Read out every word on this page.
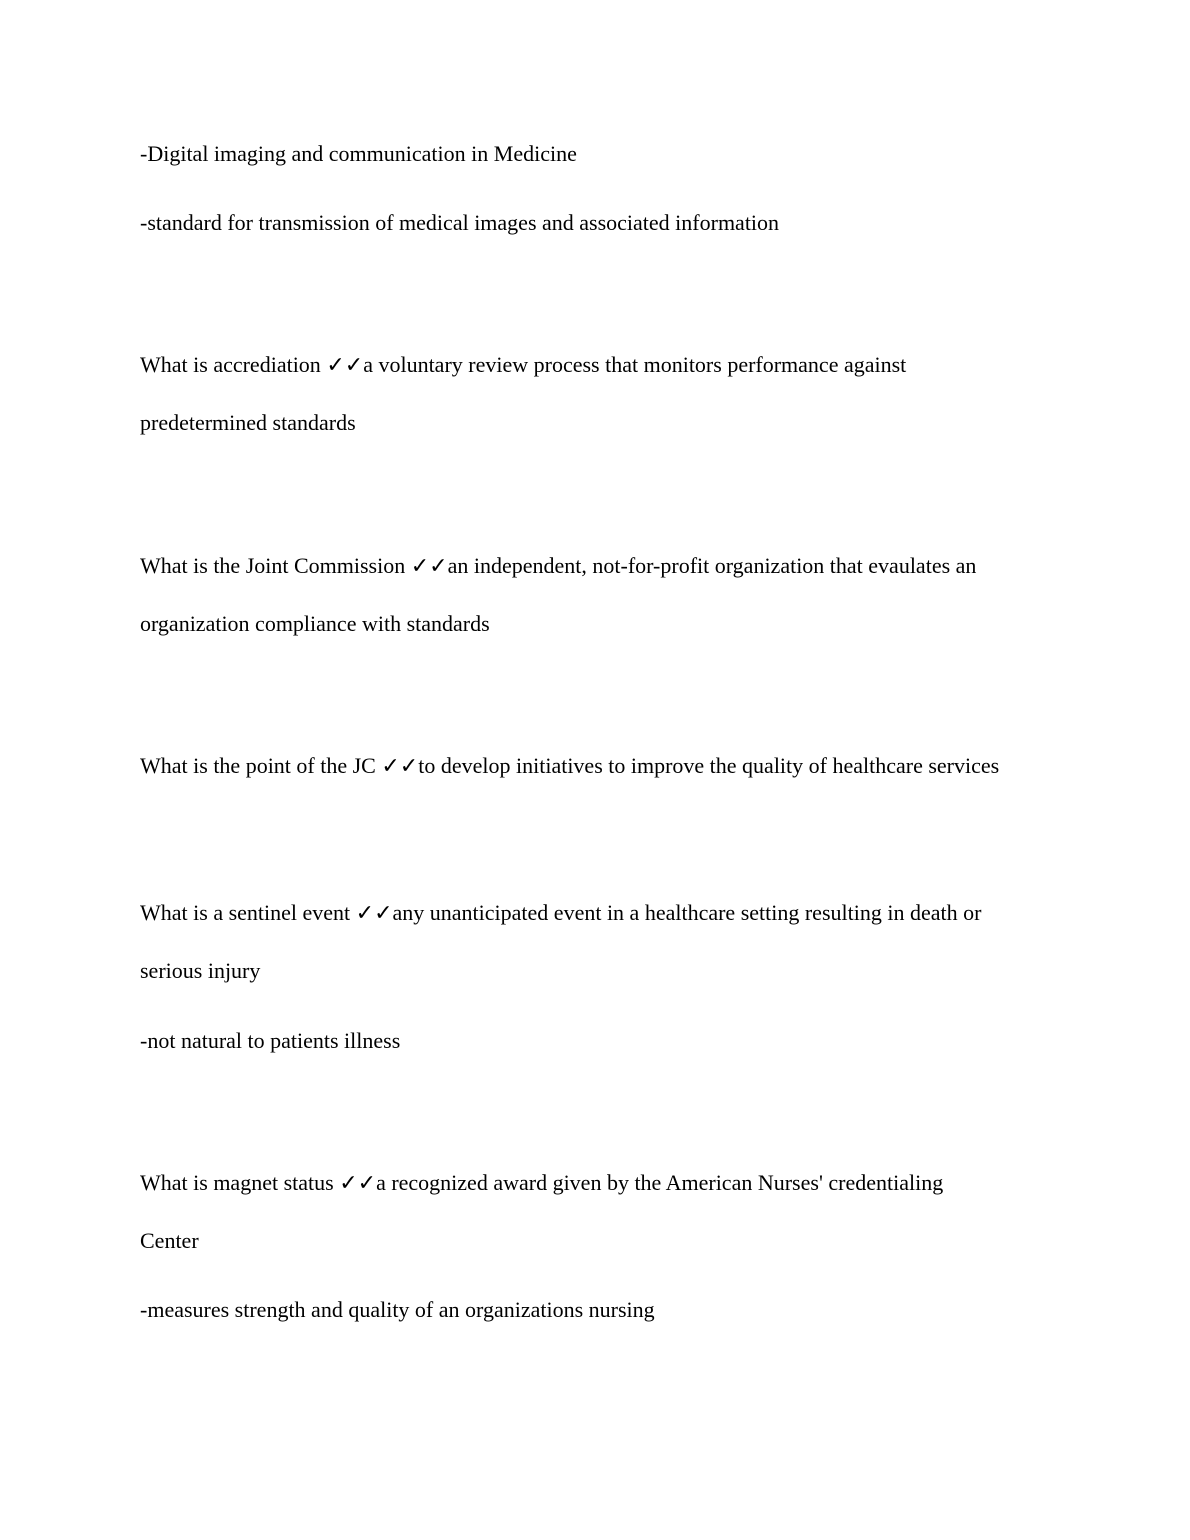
-Digital imaging and communication in Medicine

-standard for transmission of medical images and associated information

What is accrediation ✓✓a voluntary review process that monitors performance against

predetermined standards

What is the Joint Commission ✓✓an independent, not-for-profit organization that evaulates an

organization compliance with standards

What is the point of the JC ✓✓to develop initiatives to improve the quality of healthcare services

What is a sentinel event ✓✓any unanticipated event in a healthcare setting resulting in death or

serious injury

-not natural to patients illness

What is magnet status ✓✓a recognized award given by the American Nurses' credentialing

Center

-measures strength and quality of an organizations nursing
